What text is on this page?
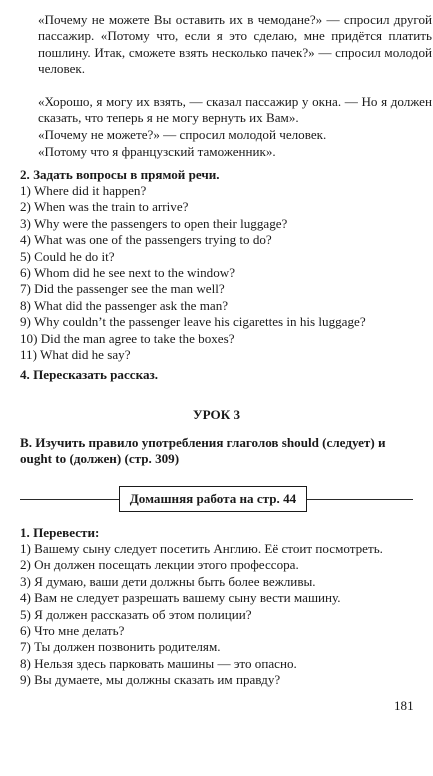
«Почему не можете Вы оставить их в чемодане?» — спросил другой пассажир. «Потому что, если я это сделаю, мне придётся платить пошлину. Итак, сможете взять несколько пачек?» — спросил молодой человек.
«Хорошо, я могу их взять, — сказал пассажир у окна. — Но я должен сказать, что теперь я не могу вернуть их Вам».
«Почему не можете?» — спросил молодой человек.
«Потому что я французский таможенник».
2. Задать вопросы в прямой речи.
1) Where did it happen?
2) When was the train to arrive?
3) Why were the passengers to open their luggage?
4) What was one of the passengers trying to do?
5) Could he do it?
6) Whom did he see next to the window?
7) Did the passenger see the man well?
8) What did the passenger ask the man?
9) Why couldn’t the passenger leave his cigarettes in his luggage?
10) Did the man agree to take the boxes?
11) What did he say?
4. Пересказать рассказ.
УРОК 3
B. Изучить правило употребления глаголов should (следует) и
ought to (должен) (стр. 309)
Домашняя работа на стр. 44
1. Перевести:
1) Вашему сыну следует посетить Англию. Её стоит посмотреть.
2) Он должен посещать лекции этого профессора.
3) Я думаю, ваши дети должны быть более вежливы.
4) Вам не следует разрешать вашему сыну вести машину.
5) Я должен рассказать об этом полиции?
6) Что мне делать?
7) Ты должен позвонить родителям.
8) Нельзя здесь парковать машины — это опасно.
9) Вы думаете, мы должны сказать им правду?
181
